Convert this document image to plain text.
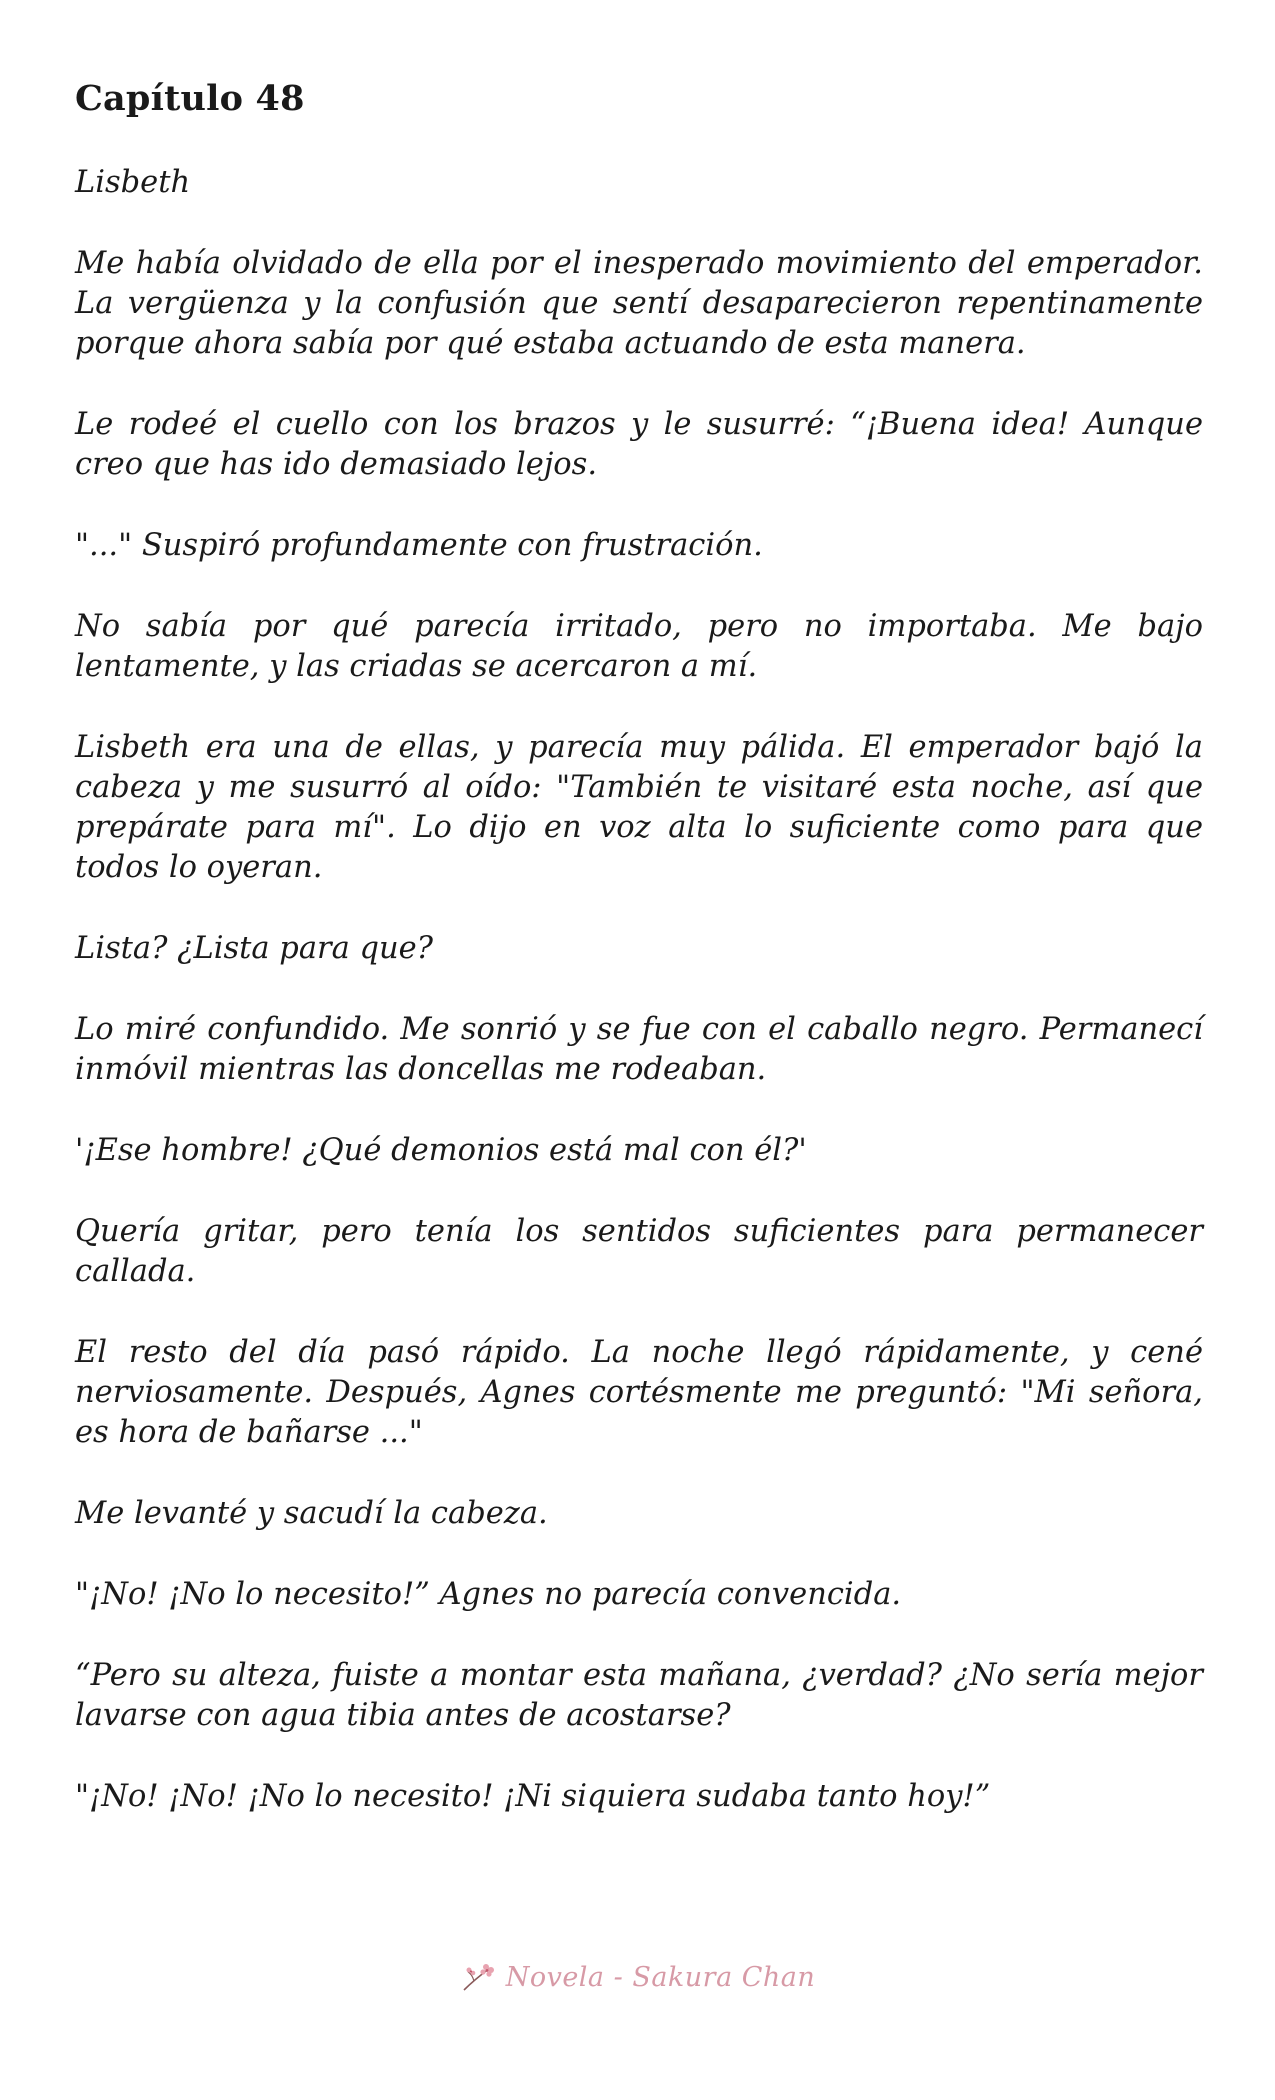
Capítulo 48

Lisbeth

Me había olvidado de ella por el inesperado movimiento del emperador. La vergüenza y la confusión que sentí desaparecieron repentinamente porque ahora sabía por qué estaba actuando de esta manera.

Le rodeé el cuello con los brazos y le susurré: “¡Buena idea! Aunque creo que has ido demasiado lejos.

"..." Suspiró profundamente con frustración.

No sabía por qué parecía irritado, pero no importaba. Me bajo lentamente, y las criadas se acercaron a mí.

Lisbeth era una de ellas, y parecía muy pálida. El emperador bajó la cabeza y me susurró al oído: "También te visitaré esta noche, así que prepárate para mí". Lo dijo en voz alta lo suficiente como para que todos lo oyeran.

Lista? ¿Lista para que?

Lo miré confundido. Me sonrió y se fue con el caballo negro. Permanecí inmóvil mientras las doncellas me rodeaban.

'¡Ese hombre! ¿Qué demonios está mal con él?'

Quería gritar, pero tenía los sentidos suficientes para permanecer callada.

El resto del día pasó rápido. La noche llegó rápidamente, y cené nerviosamente. Después, Agnes cortésmente me preguntó: "Mi señora, es hora de bañarse ..."

Me levanté y sacudí la cabeza.

"¡No! ¡No lo necesito!” Agnes no parecía convencida.

“Pero su alteza, fuiste a montar esta mañana, ¿verdad? ¿No sería mejor lavarse con agua tibia antes de acostarse?

"¡No! ¡No! ¡No lo necesito! ¡Ni siquiera sudaba tanto hoy!”

Novela - Sakura Chan
